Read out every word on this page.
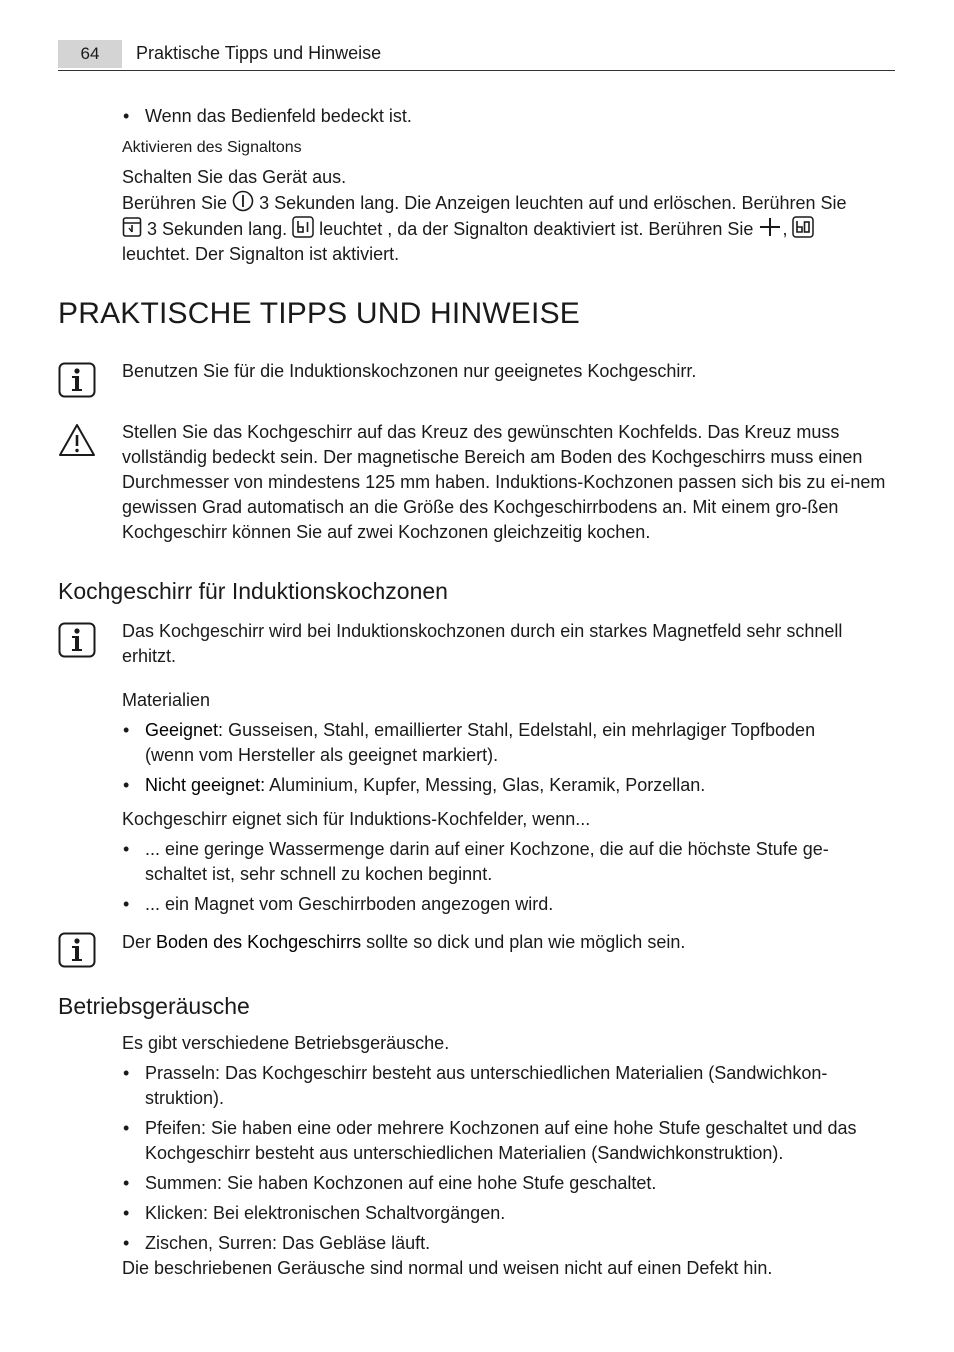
64	Praktische Tipps und Hinweise
• Wenn das Bedienfeld bedeckt ist.
Aktivieren des Signaltons
Schalten Sie das Gerät aus.
Berühren Sie 3 Sekunden lang. Die Anzeigen leuchten auf und erlöschen. Berühren Sie
3 Sekunden lang. leuchtet , da der Signalton deaktiviert ist. Berühren Sie ,
leuchtet. Der Signalton ist aktiviert.
PRAKTISCHE TIPPS UND HINWEISE
Benutzen Sie für die Induktionskochzonen nur geeignetes Kochgeschirr.
Stellen Sie das Kochgeschirr auf das Kreuz des gewünschten Kochfelds. Das Kreuz muss vollständig bedeckt sein. Der magnetische Bereich am Boden des Kochgeschirrs muss einen Durchmesser von mindestens 125 mm haben. Induktions-Kochzonen passen sich bis zu ei-nem gewissen Grad automatisch an die Größe des Kochgeschirrbodens an. Mit einem gro-ßen Kochgeschirr können Sie auf zwei Kochzonen gleichzeitig kochen.
Kochgeschirr für Induktionskochzonen
Das Kochgeschirr wird bei Induktionskochzonen durch ein starkes Magnetfeld sehr schnell erhitzt.
Materialien
• Geeignet: Gusseisen, Stahl, emaillierter Stahl, Edelstahl, ein mehrlagiger Topfboden (wenn vom Hersteller als geeignet markiert).
• Nicht geeignet: Aluminium, Kupfer, Messing, Glas, Keramik, Porzellan.
Kochgeschirr eignet sich für Induktions-Kochfelder, wenn...
• ... eine geringe Wassermenge darin auf einer Kochzone, die auf die höchste Stufe ge-schaltet ist, sehr schnell zu kochen beginnt.
• ... ein Magnet vom Geschirrboden angezogen wird.
Der Boden des Kochgeschirrs sollte so dick und plan wie möglich sein.
Betriebsgeräusche
Es gibt verschiedene Betriebsgeräusche.
• Prasseln: Das Kochgeschirr besteht aus unterschiedlichen Materialien (Sandwichkon-struktion).
• Pfeifen: Sie haben eine oder mehrere Kochzonen auf eine hohe Stufe geschaltet und das Kochgeschirr besteht aus unterschiedlichen Materialien (Sandwichkonstruktion).
• Summen: Sie haben Kochzonen auf eine hohe Stufe geschaltet.
• Klicken: Bei elektronischen Schaltvorgängen.
• Zischen, Surren: Das Gebläse läuft.
Die beschriebenen Geräusche sind normal und weisen nicht auf einen Defekt hin.
